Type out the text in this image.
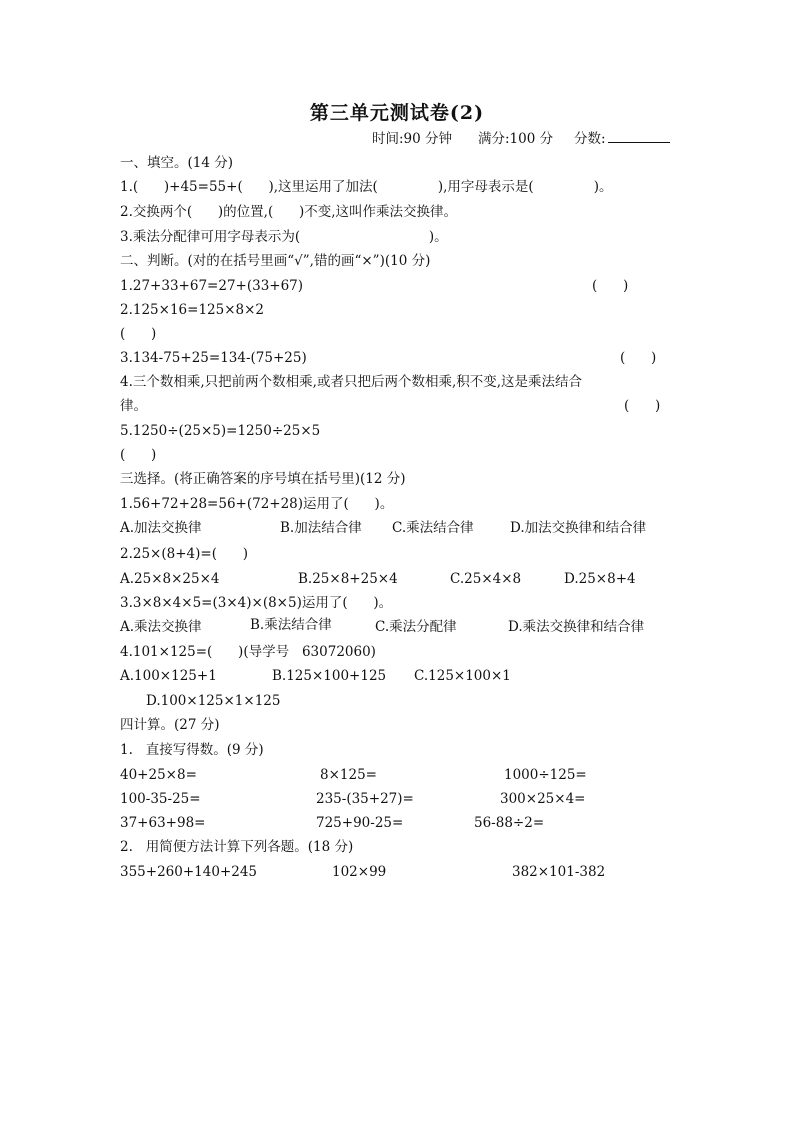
第三单元测试卷(2)
时间:90 分钟 满分:100 分 分数:
一、填空。(14 分)
1.(      )+45=55+(      ),这里运用了加法(              ),用字母表示是(              )。
2.交换两个(      )的位置,(      )不变,这叫作乘法交换律。
3.乘法分配律可用字母表示为(                              )。
二、判断。(对的在括号里画“√”,错的画“×”)(10 分)
1.27+33+67=27+(33+67)	(      )
2.125×16=125×8×2
(      )
3.134-75+25=134-(75+25)	(      )
4.三个数相乘,只把前两个数相乘,或者只把后两个数相乘,积不变,这是乘法结合
律。	(      )
5.1250÷(25×5)=1250÷25×5
(      )
三选择。(将正确答案的序号填在括号里)(12 分)
1.56+72+28=56+(72+28)运用了(      )。
A.加法交换律	B.加法结合律 C.乘法结合律	D.加法交换律和结合律
2.25×(8+4)=(      )
A.25×8×25×4	B.25×8+25×4	C.25×4×8	D.25×8+4
3.3×8×4×5=(3×4)×(8×5)运用了(      )。
A.乘法交换律	B.乘法结合律	C.乘法分配律	D.乘法交换律和结合律
4.101×125=(      )(导学号   63072060)
A.100×125+1	B.125×100+125 C.125×100×1
D.100×125×1×125
四计算。(27 分)
1.   直接写得数。(9 分)
40+25×8=	8×125=	1000÷125=
100-35-25=	235-(35+27)=	300×25×4=
37+63+98=	725+90-25=	56-88÷2=
2.   用简便方法计算下列各题。(18 分)
355+260+140+245	102×99	382×101-382
